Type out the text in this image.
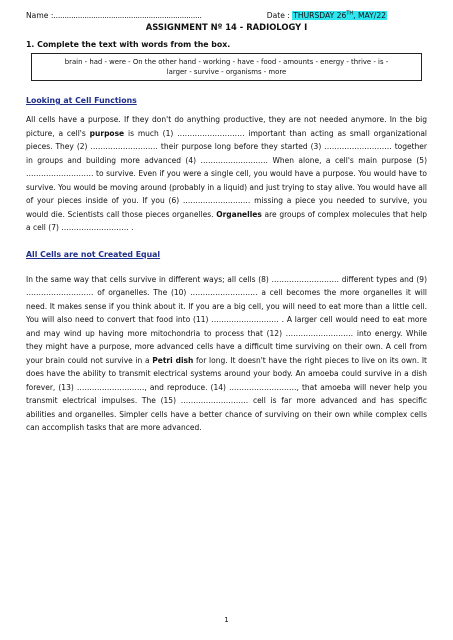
Name :...................................................................	Date : THURSDAY 26TH, MAY/22
ASSIGNMENT Nº 14 - RADIOLOGY I
1. Complete the text with words from the box.
brain - had - were - On the other hand - working - have - food - amounts - energy - thrive - is -
larger - survive - organisms - more
Looking at Cell Functions

All cells have a purpose. If they don't do anything productive, they are not needed anymore. In the big picture, a cell's purpose is much (1) ……………………… important than acting as small organizational pieces. They (2) ……………………… their purpose long before they started (3) ……………………… together in groups and building more advanced (4) ……………………… When alone, a cell's main purpose (5) ……………………… to survive. Even if you were a single cell, you would have a purpose. You would have to survive. You would be moving around (probably in a liquid) and just trying to stay alive. You would have all of your pieces inside of you. If you (6) ……………………… missing a piece you needed to survive, you would die. Scientists call those pieces organelles. Organelles are groups of complex molecules that help a cell (7) ……………………… .

All Cells are not Created Equal

In the same way that cells survive in different ways; all cells (8) ……………………… different types and (9) ……………………… of organelles. The (10) ……………………… a cell becomes the more organelles it will need. It makes sense if you think about it. If you are a big cell, you will need to eat more than a little cell. You will also need to convert that food into (11) ……………………… . A larger cell would need to eat more and may wind up having more mitochondria to process that (12) ……………………… into energy. While they might have a purpose, more advanced cells have a difficult time surviving on their own. A cell from your brain could not survive in a Petri dish for long. It doesn't have the right pieces to live on its own. It does have the ability to transmit electrical systems around your body. An amoeba could survive in a dish forever, (13) ………………………, and reproduce. (14) ………………………, that amoeba will never help you transmit electrical impulses. The (15) ……………………… cell is far more advanced and has specific abilities and organelles. Simpler cells have a better chance of surviving on their own while complex cells can accomplish tasks that are more advanced.

1
